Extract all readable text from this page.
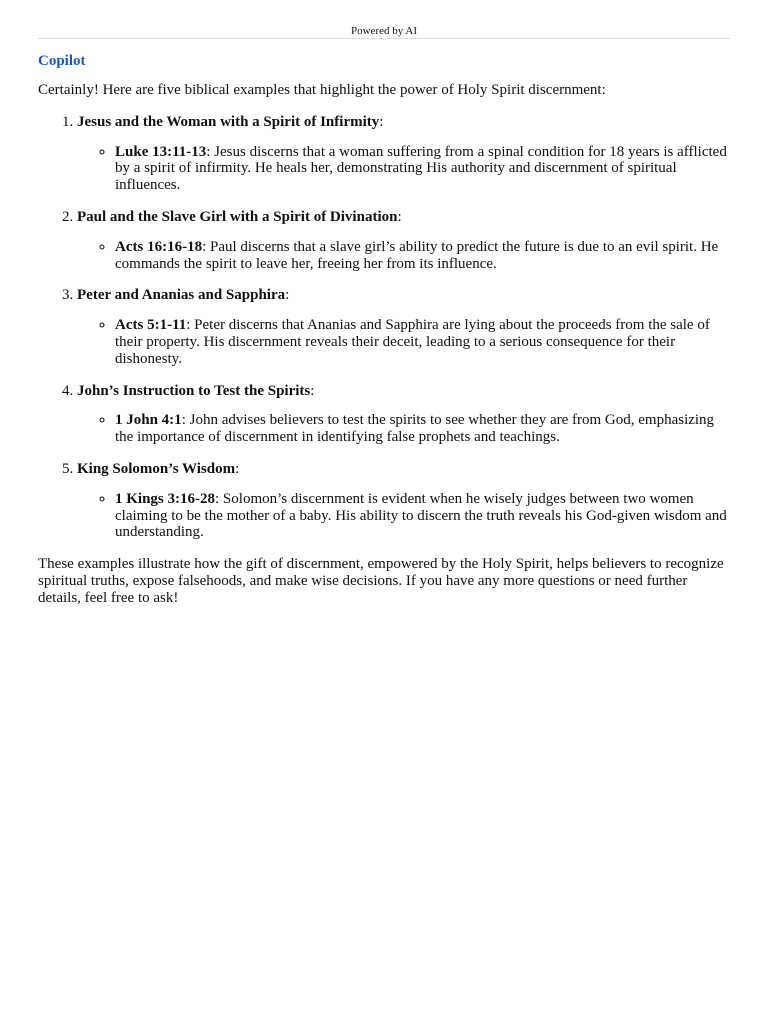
Powered by AI
Copilot

Certainly! Here are five biblical examples that highlight the power of Holy Spirit discernment:

1. Jesus and the Woman with a Spirit of Infirmity:
◦ Luke 13:11-13: Jesus discerns that a woman suffering from a spinal condition for 18 years is afflicted by a spirit of infirmity. He heals her, demonstrating His authority and discernment of spiritual influences.
2. Paul and the Slave Girl with a Spirit of Divination:
◦ Acts 16:16-18: Paul discerns that a slave girl’s ability to predict the future is due to an evil spirit. He commands the spirit to leave her, freeing her from its influence.
3. Peter and Ananias and Sapphira:
◦ Acts 5:1-11: Peter discerns that Ananias and Sapphira are lying about the proceeds from the sale of their property. His discernment reveals their deceit, leading to a serious consequence for their dishonesty.
4. John’s Instruction to Test the Spirits:
◦ 1 John 4:1: John advises believers to test the spirits to see whether they are from God, emphasizing the importance of discernment in identifying false prophets and teachings.
5. King Solomon’s Wisdom:
◦ 1 Kings 3:16-28: Solomon’s discernment is evident when he wisely judges between two women claiming to be the mother of a baby. His ability to discern the truth reveals his God-given wisdom and understanding.

These examples illustrate how the gift of discernment, empowered by the Holy Spirit, helps believers to recognize spiritual truths, expose falsehoods, and make wise decisions. If you have any more questions or need further details, feel free to ask!
